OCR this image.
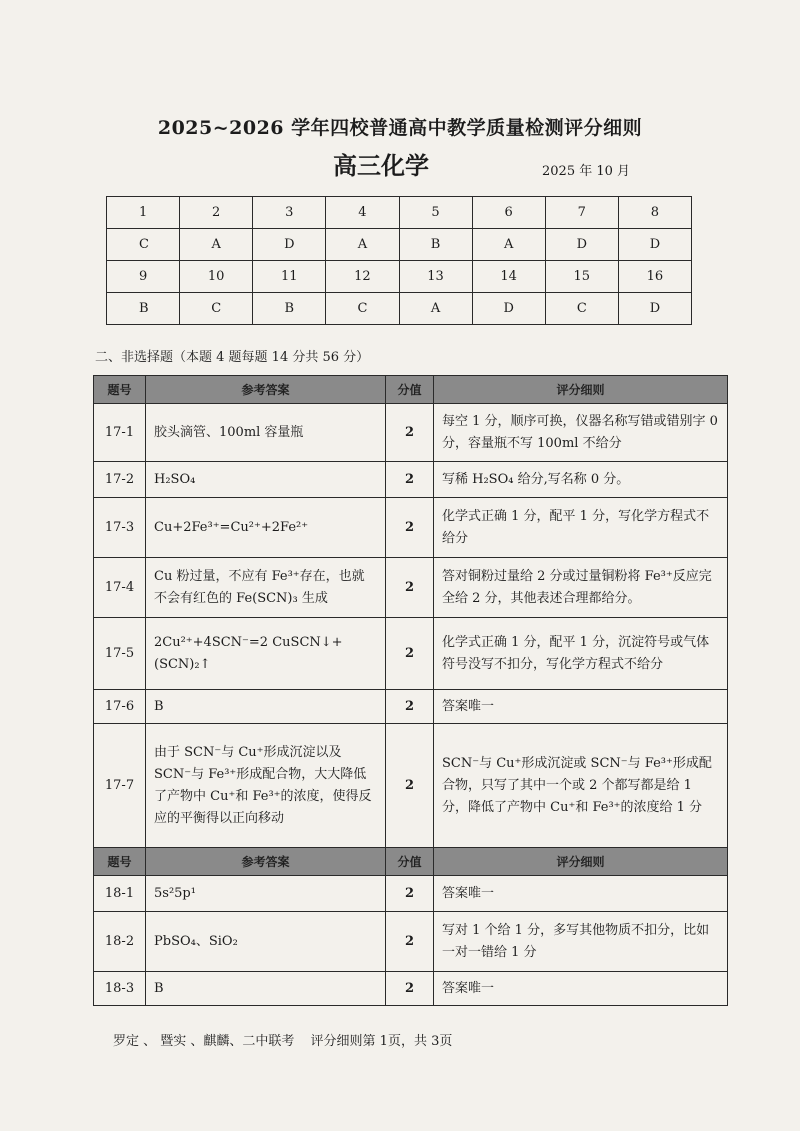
2025~2026 学年四校普通高中教学质量检测评分细则
高三化学	2025 年 10 月
1	2	3	4	5	6	7	8
C	A	D	A	B	A	D	D
9	10	11	12	13	14	15	16
B	C	B	C	A	D	C	D
二、非选择题（本题 4 题每题 14 分共 56 分）
题号	参考答案	分值	评分细则
17-1	胶头滴管、100ml 容量瓶	2	每空 1 分，顺序可换，仪器名称写错或错别字 0 分，容量瓶不写 100ml 不给分
17-2	H₂SO₄	2	写稀 H₂SO₄ 给分,写名称 0 分。
17-3	Cu+2Fe³⁺=Cu²⁺+2Fe²⁺	2	化学式正确 1 分，配平 1 分，写化学方程式不给分
17-4	Cu 粉过量，不应有 Fe³⁺存在，也就不会有红色的 Fe(SCN)₃ 生成	2	答对铜粉过量给 2 分或过量铜粉将 Fe³⁺反应完全给 2 分，其他表述合理都给分。
17-5	2Cu²⁺+4SCN⁻=2 CuSCN↓+(SCN)₂↑	2	化学式正确 1 分，配平 1 分，沉淀符号或气体符号没写不扣分，写化学方程式不给分
17-6	B	2	答案唯一
17-7	由于 SCN⁻与 Cu⁺形成沉淀以及 SCN⁻与 Fe³⁺形成配合物，大大降低了产物中 Cu⁺和 Fe³⁺的浓度，使得反应的平衡得以正向移动	2	SCN⁻与 Cu⁺形成沉淀或 SCN⁻与 Fe³⁺形成配合物，只写了其中一个或 2 个都写都是给 1 分，降低了产物中 Cu⁺和 Fe³⁺的浓度给 1 分
题号	参考答案	分值	评分细则
18-1	5s²5p¹	2	答案唯一
18-2	PbSO₄、SiO₂	2	写对 1 个给 1 分，多写其他物质不扣分，比如一对一错给 1 分
18-3	B	2	答案唯一
罗定 、 暨实 、麒麟、二中联考 评分细则第 1页，共 3页
